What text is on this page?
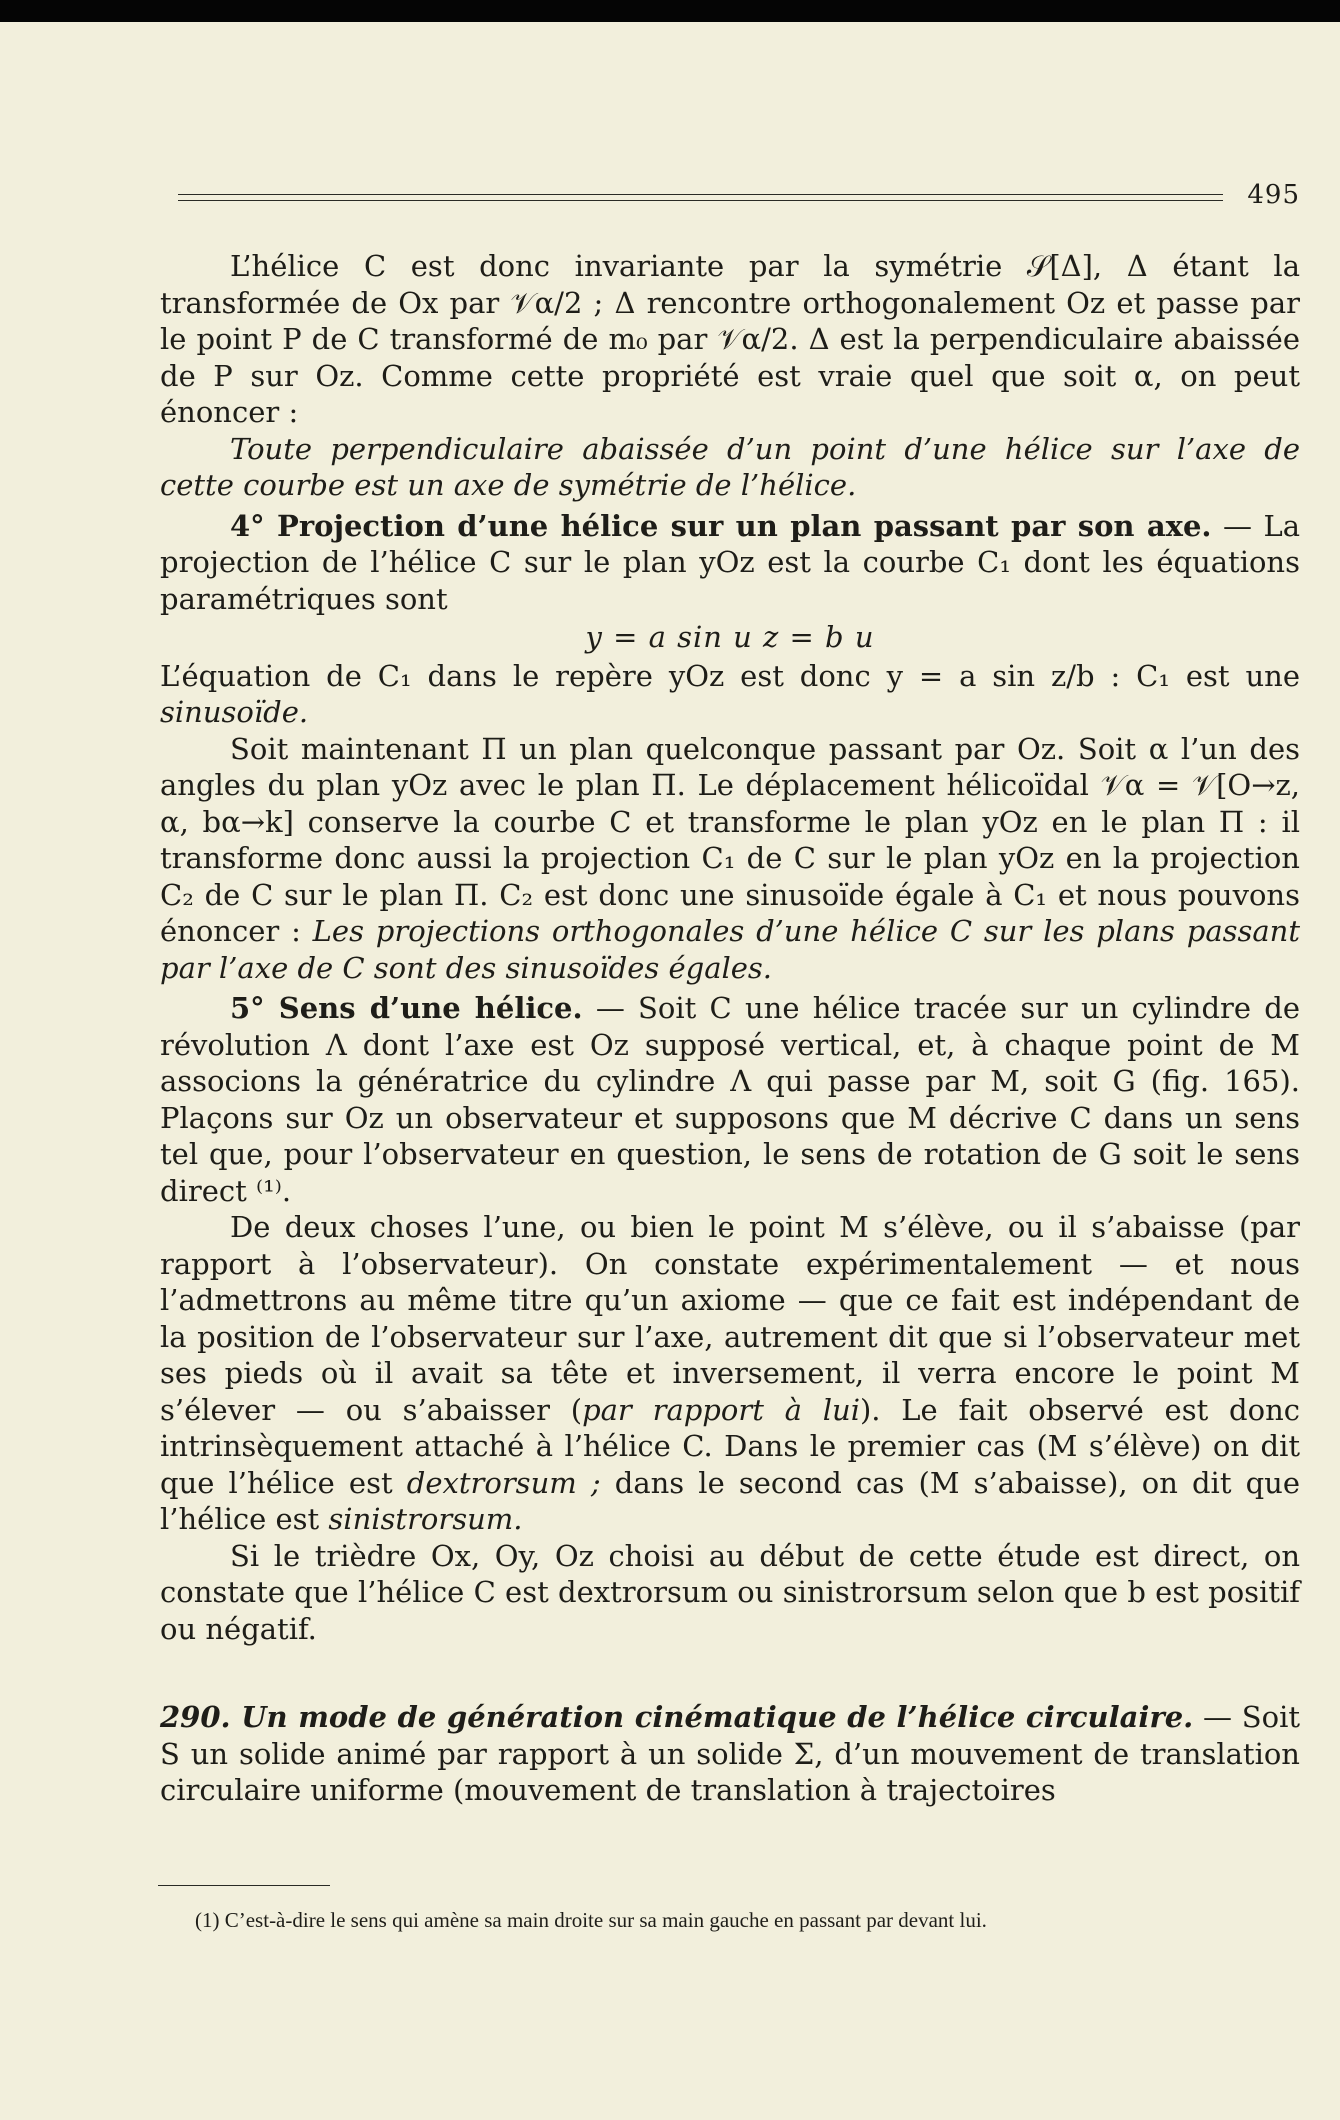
495

L’hélice C est donc invariante par la symétrie 𝒮[Δ], Δ étant la transformée de Ox par 𝒱α/2 ; Δ rencontre orthogonalement Oz et passe par le point P de C transformé de m₀ par 𝒱α/2. Δ est la perpendiculaire abaissée de P sur Oz. Comme cette propriété est vraie quel que soit α, on peut énoncer :

Toute perpendiculaire abaissée d’un point d’une hélice sur l’axe de cette courbe est un axe de symétrie de l’hélice.

4° Projection d’une hélice sur un plan passant par son axe. — La projection de l’hélice C sur le plan yOz est la courbe C₁ dont les équations paramétriques sont

y = a sin u z = b u

L’équation de C₁ dans le repère yOz est donc y = a sin z/b : C₁ est une sinusoïde.

Soit maintenant Π un plan quelconque passant par Oz. Soit α l’un des angles du plan yOz avec le plan Π. Le déplacement hélicoïdal 𝒱α = 𝒱[O→z, α, bα→k] conserve la courbe C et transforme le plan yOz en le plan Π : il transforme donc aussi la projection C₁ de C sur le plan yOz en la projection C₂ de C sur le plan Π. C₂ est donc une sinusoïde égale à C₁ et nous pouvons énoncer : Les projections orthogonales d’une hélice C sur les plans passant par l’axe de C sont des sinusoïdes égales.

5° Sens d’une hélice. — Soit C une hélice tracée sur un cylindre de révolution Λ dont l’axe est Oz supposé vertical, et, à chaque point de M associons la génératrice du cylindre Λ qui passe par M, soit G (fig. 165). Plaçons sur Oz un observateur et supposons que M décrive C dans un sens tel que, pour l’observateur en question, le sens de rotation de G soit le sens direct ⁽¹⁾.

De deux choses l’une, ou bien le point M s’élève, ou il s’abaisse (par rapport à l’observateur). On constate expérimentalement — et nous l’admettrons au même titre qu’un axiome — que ce fait est indépendant de la position de l’observateur sur l’axe, autrement dit que si l’observateur met ses pieds où il avait sa tête et inversement, il verra encore le point M s’élever — ou s’abaisser (par rapport à lui). Le fait observé est donc intrinsèquement attaché à l’hélice C. Dans le premier cas (M s’élève) on dit que l’hélice est dextrorsum ; dans le second cas (M s’abaisse), on dit que l’hélice est sinistrorsum.

Si le trièdre Ox, Oy, Oz choisi au début de cette étude est direct, on constate que l’hélice C est dextrorsum ou sinistrorsum selon que b est positif ou négatif.

290. Un mode de génération cinématique de l’hélice circulaire. — Soit S un solide animé par rapport à un solide Σ, d’un mouvement de translation circulaire uniforme (mouvement de translation à trajectoires

(1) C’est-à-dire le sens qui amène sa main droite sur sa main gauche en passant par devant lui.
